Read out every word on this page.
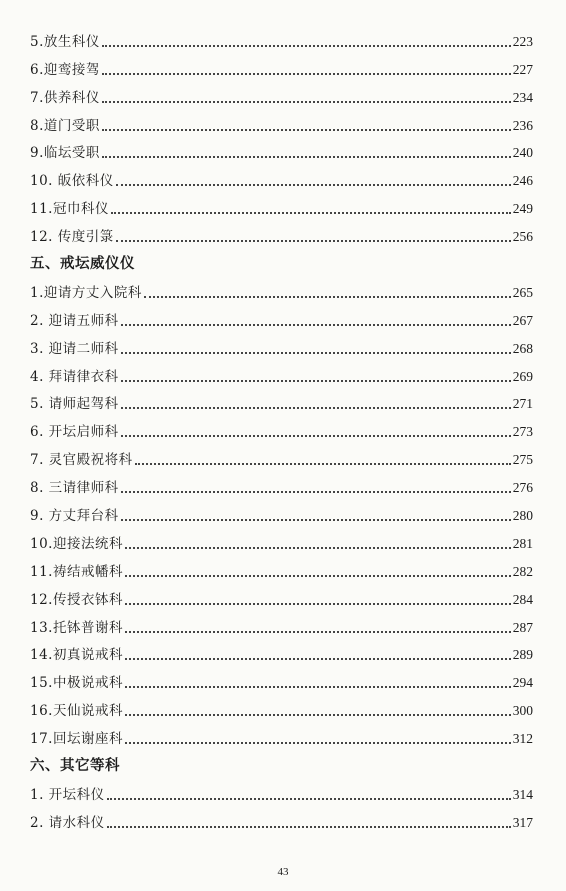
5.放生科仪	223
6.迎鸾接驾	227
7.供养科仪	234
8.道门受职	236
9.临坛受职	240
10. 皈依科仪	246
11.冠巾科仪	249
12. 传度引箓	256
五、戒坛威仪仪
1.迎请方丈入院科	265
2. 迎请五师科	267
3. 迎请二师科	268
4. 拜请律衣科	269
5. 请师起驾科	271
6. 开坛启师科	273
7. 灵官殿祝将科	275
8. 三请律师科	276
9. 方丈拜台科	280
10.迎接法统科	281
11.祷结戒幡科	282
12.传授衣钵科	284
13.托钵普谢科	287
14.初真说戒科	289
15.中极说戒科	294
16.天仙说戒科	300
17.回坛谢座科	312
六、其它等科
1. 开坛科仪	314
2. 请水科仪	317
43
